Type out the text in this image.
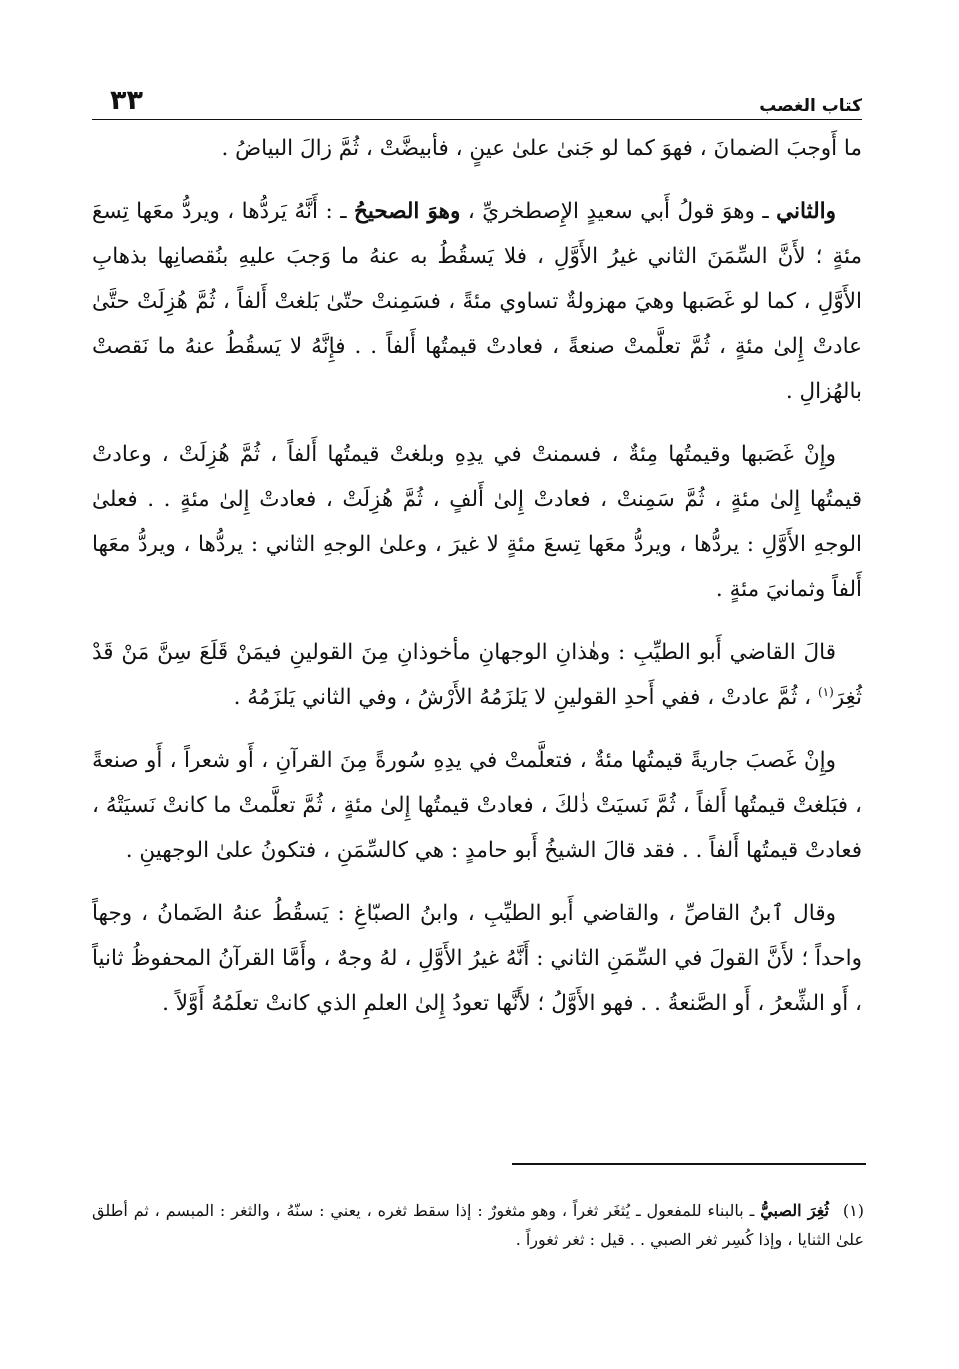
كتاب الغصب
٣٣

ما أَوجبَ الضمانَ ، فهوَ كما لو جَنىٰ علىٰ عينٍ ، فأبيضَّتْ ، ثُمَّ زالَ البياضُ .

والثاني ـ وهوَ قولُ أَبي سعيدٍ الإِصطخريِّ ، وهوَ الصحيحُ ـ : أَنَّهُ يَردُّها ، ويردُّ معَها تِسعَ مئةٍ ؛ لأَنَّ السِّمَنَ الثاني غيرُ الأَوَّلِ ، فلا يَسقُطُ به عنهُ ما وَجبَ عليهِ بنُقصانِها بذهابِ الأَوَّلِ ، كما لو غَصَبها وهيَ مهزولةٌ تساوي مئةً ، فسَمِنتْ حتّىٰ بَلغتْ أَلفاً ، ثُمَّ هُزِلَتْ حتَّىٰ عادتْ إِلىٰ مئةٍ ، ثُمَّ تعلَّمتْ صنعةً ، فعادتْ قيمتُها أَلفاً . . فإِنَّهُ لا يَسقُطُ عنهُ ما نَقصتْ بالهُزالِ .

وإِنْ غَصَبها وقيمتُها مِئةٌ ، فسمنتْ في يدِهِ وبلغتْ قيمتُها أَلفاً ، ثُمَّ هُزِلَتْ ، وعادتْ قيمتُها إِلىٰ مئةٍ ، ثُمَّ سَمِنتْ ، فعادتْ إِلىٰ أَلفٍ ، ثُمَّ هُزِلَتْ ، فعادتْ إِلىٰ مئةٍ . . فعلىٰ الوجهِ الأَوَّلِ : يردُّها ، ويردُّ معَها تِسعَ مئةٍ لا غيرَ ، وعلىٰ الوجهِ الثاني : يردُّها ، ويردُّ معَها أَلفاً وثمانيَ مئةٍ .

قالَ القاضي أَبو الطيِّبِ : وهٰذانِ الوجهانِ مأخوذانِ مِنَ القولينِ فيمَنْ قَلَعَ سِنَّ مَنْ قَدْ ثُغِرَ$^{(١)}$ ، ثُمَّ عادتْ ، ففي أَحدِ القولينِ لا يَلزَمُهُ الأَرْشُ ، وفي الثاني يَلزَمُهُ .

وإِنْ غَصبَ جاريةً قيمتُها مئةٌ ، فتعلَّمتْ في يدِهِ سُورةً مِنَ القرآنِ ، أَو شعراً ، أَو صنعةً ، فبَلغتْ قيمتُها أَلفاً ، ثُمَّ نَسيَتْ ذٰلكَ ، فعادتْ قيمتُها إِلىٰ مئةٍ ، ثُمَّ تعلَّمتْ ما كانتْ نَسيَتْهُ ، فعادتْ قيمتُها أَلفاً . . فقد قالَ الشيخُ أَبو حامدٍ : هي كالسِّمَنِ ، فتكونُ علىٰ الوجهينِ .

وقال ٱبنُ القاصِّ ، والقاضي أَبو الطيِّبِ ، وابنُ الصبّاغِ : يَسقُطُ عنهُ الضَمانُ ، وجهاً واحداً ؛ لأَنَّ القولَ في السِّمَنِ الثاني : أَنَّهُ غيرُ الأَوَّلِ ، لهُ وجهٌ ، وأَمَّا القرآنُ المحفوظُ ثانياً ، أَو الشِّعرُ ، أَو الصَّنعةُ . . فهو الأَوَّلُ ؛ لأَنَّها تعودُ إِلىٰ العلمِ الذي كانتْ تعلَمُهُ أَوَّلاً .

(١)ثُغِرَ الصبيُّ ـ بالبناء للمفعول ـ يُثغَر ثغراً ، وهو مثغورٌ : إذا سقط ثغره ، يعني : سنّهُ ، والثغر : المبسم ، ثم أطلق علىٰ الثنايا ، وإذا كُسِر ثغر الصبي . . قيل : ثغر ثغوراً .
